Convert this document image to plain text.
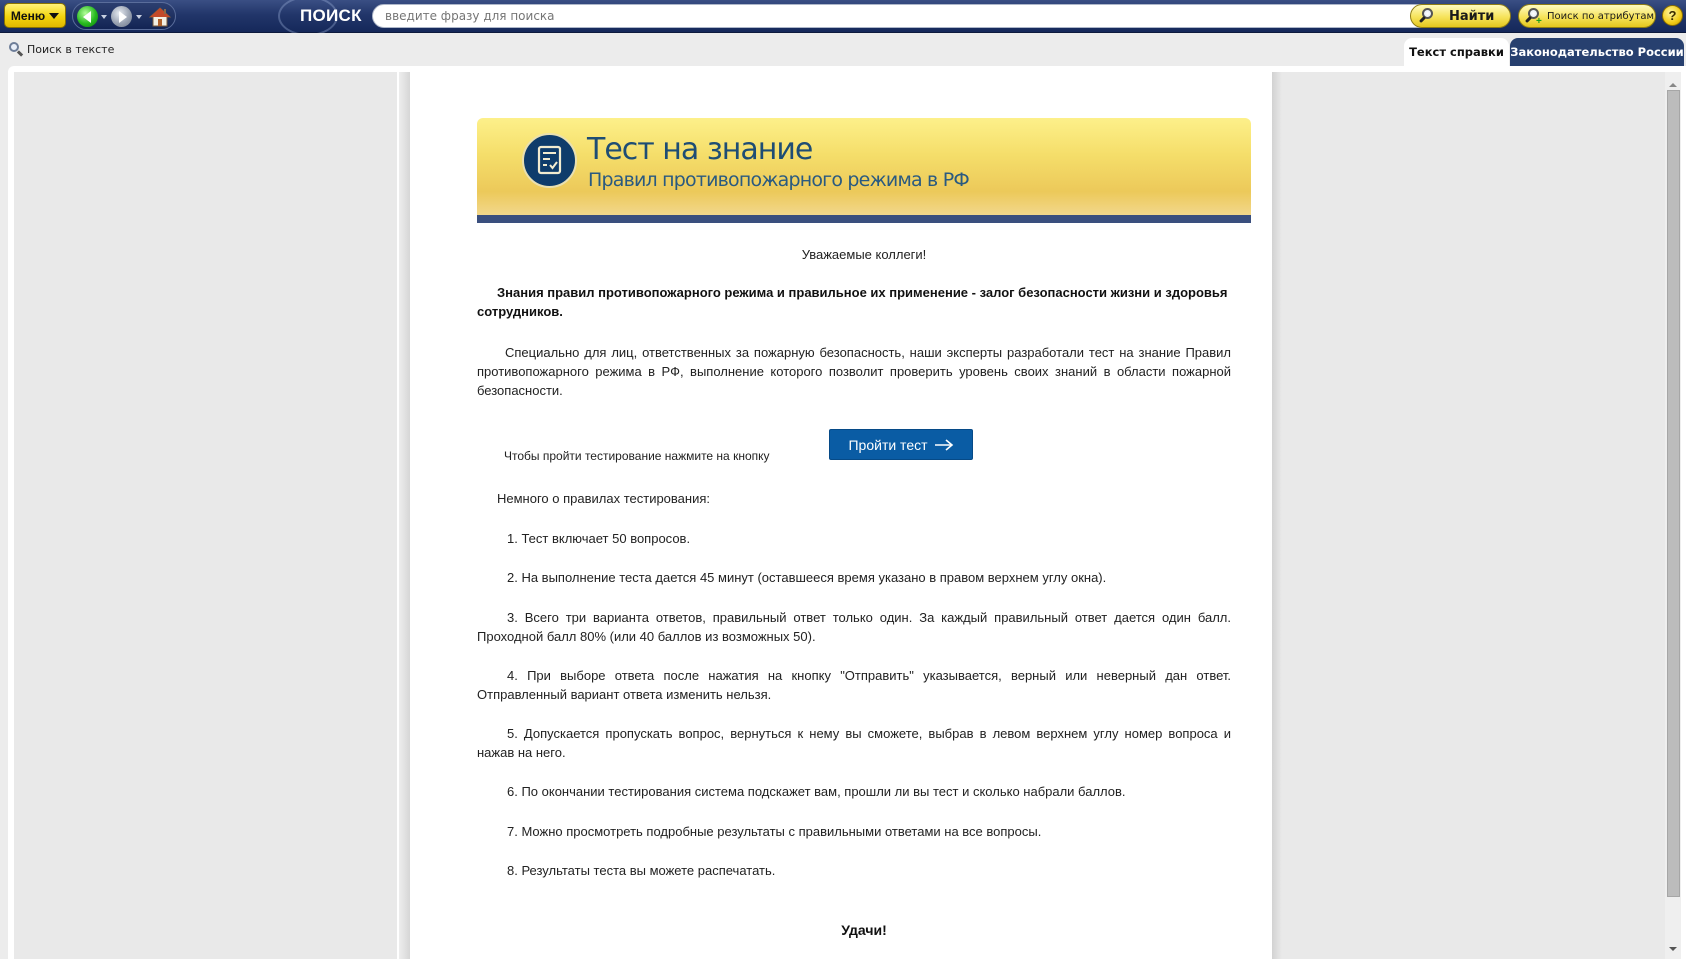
Меню	ПОИСК
введите фразу для поиска	Найти	+ Поиск по атрибутам ?
Поиск в тексте	Текст справки Законодательство России
Тест на знание
Правил противопожарного режима в РФ
Уважаемые коллеги!
Знания правил противопожарного режима и правильное их применение - залог безопасности жизни и здоровья сотрудников.
Специально для лиц, ответственных за пожарную безопасность, наши эксперты разработали тест на знание Правил противопожарного режима в РФ, выполнение которого позволит проверить уровень своих знаний в области пожарной безопасности.
Чтобы пройти тестирование нажмите на кнопку
Пройти тест
Немного о правилах тестирования:
1. Тест включает 50 вопросов.
2. На выполнение теста дается 45 минут (оставшееся время указано в правом верхнем углу окна).
3. Всего три варианта ответов, правильный ответ только один. За каждый правильный ответ дается один балл. Проходной балл 80% (или 40 баллов из возможных 50).
4. При выборе ответа после нажатия на кнопку "Отправить" указывается, верный или неверный дан ответ. Отправленный вариант ответа изменить нельзя.
5. Допускается пропускать вопрос, вернуться к нему вы сможете, выбрав в левом верхнем углу номер вопроса и нажав на него.
6. По окончании тестирования система подскажет вам, прошли ли вы тест и сколько набрали баллов.
7. Можно просмотреть подробные результаты с правильными ответами на все вопросы.
8. Результаты теста вы можете распечатать.
Удачи!
